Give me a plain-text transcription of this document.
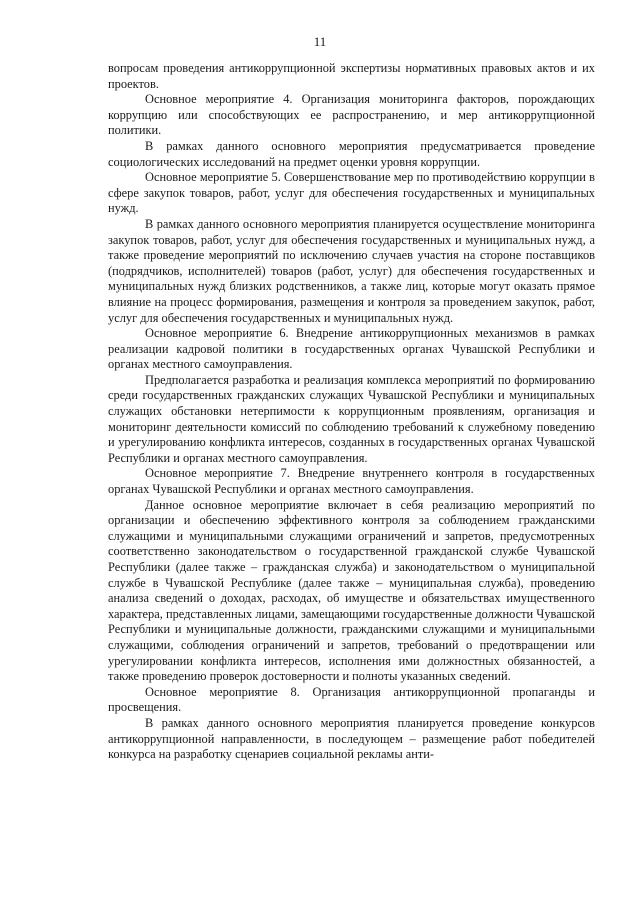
11

вопросам проведения антикоррупционной экспертизы нормативных правовых актов и их проектов.

Основное мероприятие 4. Организация мониторинга факторов, порождающих коррупцию или способствующих ее распространению, и мер антикоррупционной политики.

В рамках данного основного мероприятия предусматривается проведение социологических исследований на предмет оценки уровня коррупции.

Основное мероприятие 5. Совершенствование мер по противодействию коррупции в сфере закупок товаров, работ, услуг для обеспечения государственных и муниципальных нужд.

В рамках данного основного мероприятия планируется осуществление мониторинга закупок товаров, работ, услуг для обеспечения государственных и муниципальных нужд, а также проведение мероприятий по исключению случаев участия на стороне поставщиков (подрядчиков, исполнителей) товаров (работ, услуг) для обеспечения государственных и муниципальных нужд близких родственников, а также лиц, которые могут оказать прямое влияние на процесс формирования, размещения и контроля за проведением закупок, работ, услуг для обеспечения государственных и муниципальных нужд.

Основное мероприятие 6. Внедрение антикоррупционных механизмов в рамках реализации кадровой политики в государственных органах Чувашской Республики и органах местного самоуправления.

Предполагается разработка и реализация комплекса мероприятий по формированию среди государственных гражданских служащих Чувашской Республики и муниципальных служащих обстановки нетерпимости к коррупционным проявлениям, организация и мониторинг деятельности комиссий по соблюдению требований к служебному поведению и урегулированию конфликта интересов, созданных в государственных органах Чувашской Республики и органах местного самоуправления.

Основное мероприятие 7. Внедрение внутреннего контроля в государственных органах Чувашской Республики и органах местного самоуправления.

Данное основное мероприятие включает в себя реализацию мероприятий по организации и обеспечению эффективного контроля за соблюдением гражданскими служащими и муниципальными служащими ограничений и запретов, предусмотренных соответственно законодательством о государственной гражданской службе Чувашской Республики (далее также – гражданская служба) и законодательством о муниципальной службе в Чувашской Республике (далее также – муниципальная служба), проведению анализа сведений о доходах, расходах, об имуществе и обязательствах имущественного характера, представленных лицами, замещающими государственные должности Чувашской Республики и муниципальные должности, гражданскими служащими и муниципальными служащими, соблюдения ограничений и запретов, требований о предотвращении или урегулировании конфликта интересов, исполнения ими должностных обязанностей, а также проведению проверок достоверности и полноты указанных сведений.

Основное мероприятие 8. Организация антикоррупционной пропаганды и просвещения.

В рамках данного основного мероприятия планируется проведение конкурсов антикоррупционной направленности, в последующем – размещение работ победителей конкурса на разработку сценариев социальной рекламы анти-
